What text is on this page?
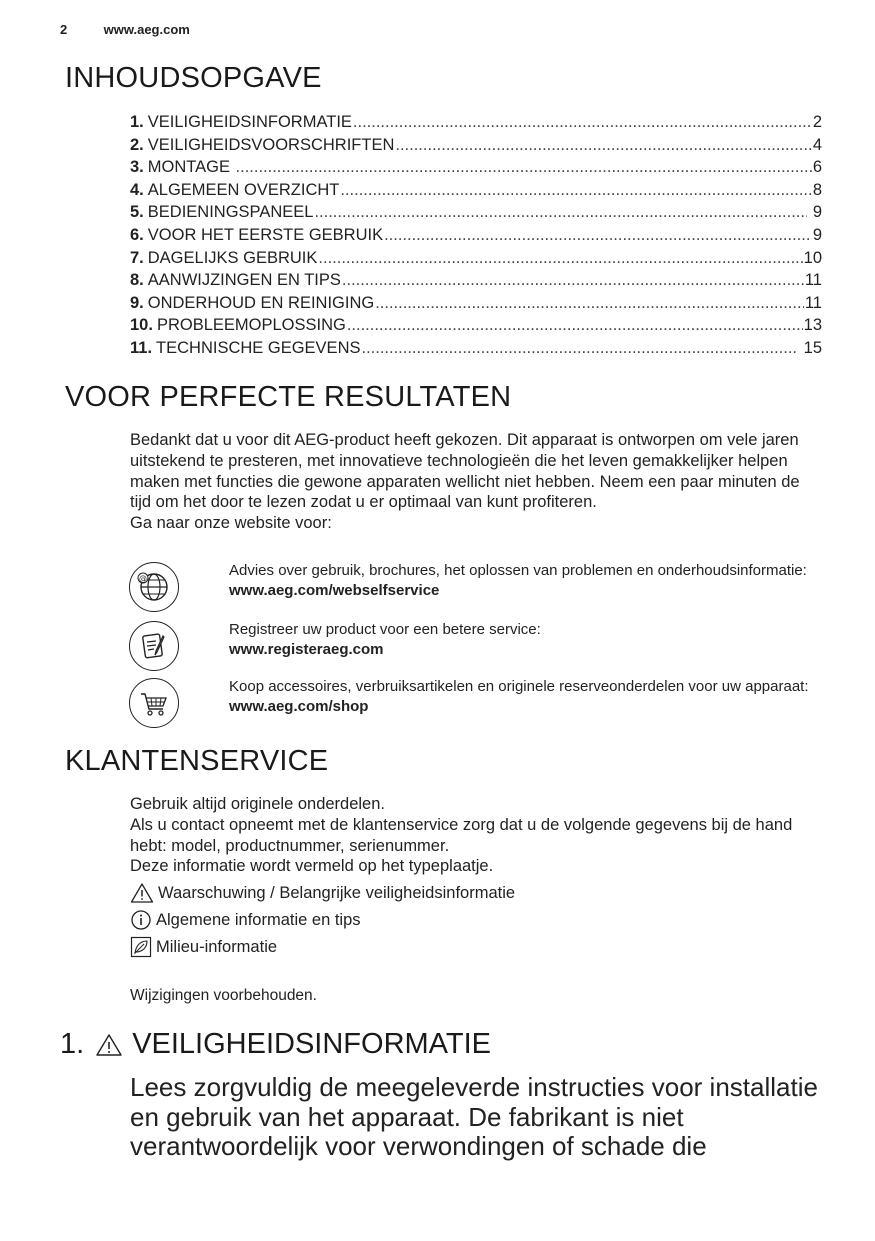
2	www.aeg.com
INHOUDSOPGAVE
1. VEILIGHEIDSINFORMATIE .....	2
2. VEILIGHEIDSVOORSCHRIFTEN .....	4
3. MONTAGE .....	6
4. ALGEMEEN OVERZICHT .....	8
5. BEDIENINGSPANEEL .....	9
6. VOOR HET EERSTE GEBRUIK .....	9
7. DAGELIJKS GEBRUIK .....	10
8. AANWIJZINGEN EN TIPS .....	11
9. ONDERHOUD EN REINIGING .....	11
10. PROBLEEMOPLOSSING .....	13
11. TECHNISCHE GEGEVENS .....	15
VOOR PERFECTE RESULTATEN
Bedankt dat u voor dit AEG-product heeft gekozen. Dit apparaat is ontworpen om vele jaren uitstekend te presteren, met innovatieve technologieën die het leven gemakkelijker helpen maken met functies die gewone apparaten wellicht niet hebben. Neem een paar minuten de tijd om het door te lezen zodat u er optimaal van kunt profiteren.
Ga naar onze website voor:
@	Advies over gebruik, brochures, het oplossen van problemen en onderhoudsinformatie:
www.aeg.com/webselfservice
Registreer uw product voor een betere service:
www.registeraeg.com
Koop accessoires, verbruiksartikelen en originele reserveonderdelen voor uw apparaat:
www.aeg.com/shop
KLANTENSERVICE
Gebruik altijd originele onderdelen.
Als u contact opneemt met de klantenservice zorg dat u de volgende gegevens bij de hand hebt: model, productnummer, serienummer.
Deze informatie wordt vermeld op het typeplaatje.
Waarschuwing / Belangrijke veiligheidsinformatie
Algemene informatie en tips
Milieu-informatie
Wijzigingen voorbehouden.
1. VEILIGHEIDSINFORMATIE
Lees zorgvuldig de meegeleverde instructies voor installatie en gebruik van het apparaat. De fabrikant is niet verantwoordelijk voor verwondingen of schade die
